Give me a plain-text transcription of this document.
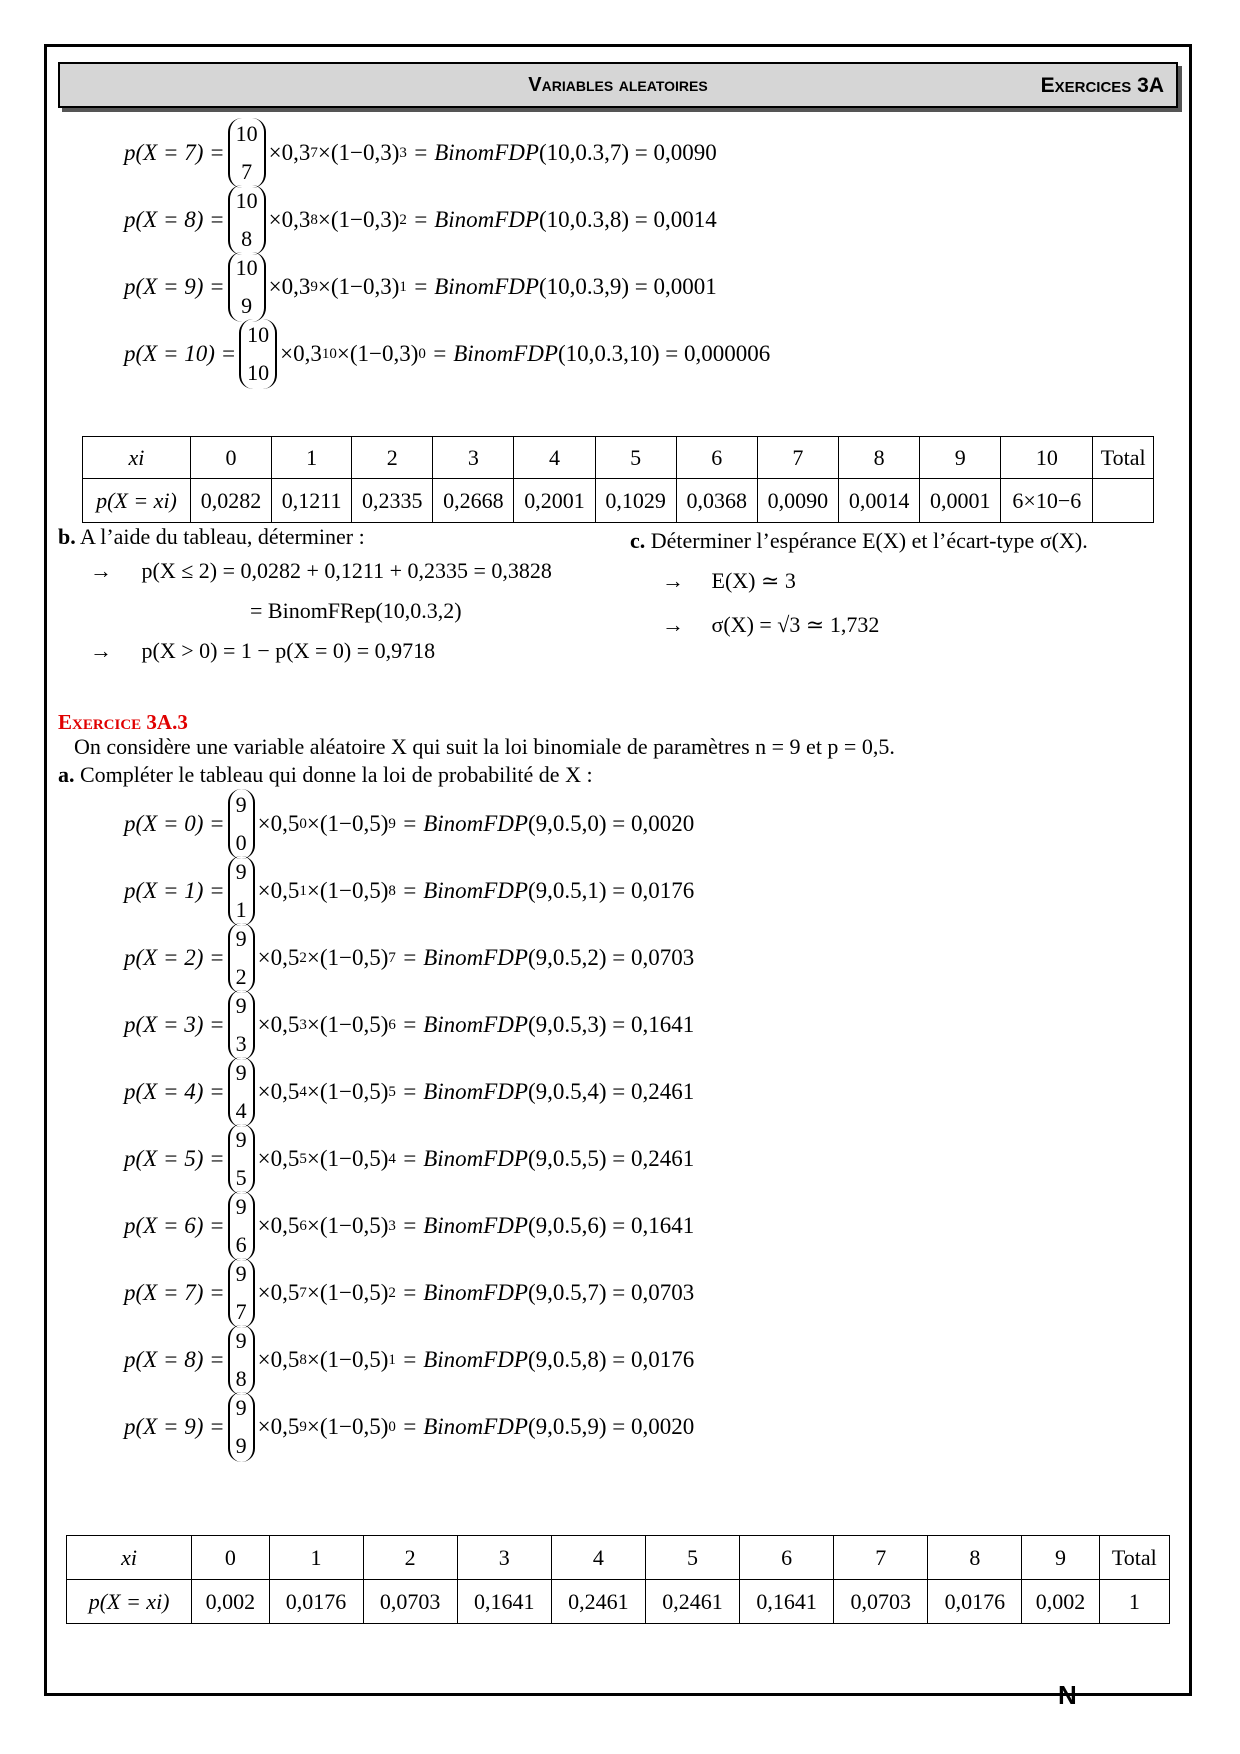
Variables aleatoires	Exercices 3A
p(X = 7) =
10
7
×0,3 7 ×(1−0,3) 3 = BinomFDP (10,0.3,7) = 0,0090
p(X = 8) =
10
8
×0,3 8 ×(1−0,3) 2 = BinomFDP (10,0.3,8) = 0,0014
p(X = 9) =
10
9
×0,3 9 ×(1−0,3) 1 = BinomFDP (10,0.3,9) = 0,0001
p(X = 10) =
10
10
×0,3 10 ×(1−0,3) 0 = BinomFDP (10,0.3,10) = 0,000006
xi	0	1	2	3	4	5	6	7	8	9	10	Total
p(X = xi)	0,0282	0,1211	0,2335	0,2668	0,2001	0,1029	0,0368	0,0090	0,0014	0,0001	6×10−6	
b. A l’aide du tableau, déterminer :
→ p(X ≤ 2) = 0,0282 + 0,1211 + 0,2335 = 0,3828
= BinomFRep(10,0.3,2)
→ p(X > 0) = 1 − p(X = 0) = 0,9718
c. Déterminer l’espérance E(X) et l’écart-type σ(X).
→ E(X) ≃ 3
→ σ(X) = √3 ≃ 1,732
Exercice 3A.3
On considère une variable aléatoire X qui suit la loi binomiale de paramètres n = 9 et p = 0,5.
a. Compléter le tableau qui donne la loi de probabilité de X :
p(X = 0) =
9
0
×0,5 0 ×(1−0,5) 9 = BinomFDP (9,0.5,0) = 0,0020
p(X = 1) =
9
1
×0,5 1 ×(1−0,5) 8 = BinomFDP (9,0.5,1) = 0,0176
p(X = 2) =
9
2
×0,5 2 ×(1−0,5) 7 = BinomFDP (9,0.5,2) = 0,0703
p(X = 3) =
9
3
×0,5 3 ×(1−0,5) 6 = BinomFDP (9,0.5,3) = 0,1641
p(X = 4) =
9
4
×0,5 4 ×(1−0,5) 5 = BinomFDP (9,0.5,4) = 0,2461
p(X = 5) =
9
5
×0,5 5 ×(1−0,5) 4 = BinomFDP (9,0.5,5) = 0,2461
p(X = 6) =
9
6
×0,5 6 ×(1−0,5) 3 = BinomFDP (9,0.5,6) = 0,1641
p(X = 7) =
9
7
×0,5 7 ×(1−0,5) 2 = BinomFDP (9,0.5,7) = 0,0703
p(X = 8) =
9
8
×0,5 8 ×(1−0,5) 1 = BinomFDP (9,0.5,8) = 0,0176
p(X = 9) =
9
9
×0,5 9 ×(1−0,5) 0 = BinomFDP (9,0.5,9) = 0,0020
xi	0	1	2	3	4	5	6	7	8	9	Total
p(X = xi)	0,002	0,0176	0,0703	0,1641	0,2461	0,2461	0,1641	0,0703	0,0176	0,002	1
N
